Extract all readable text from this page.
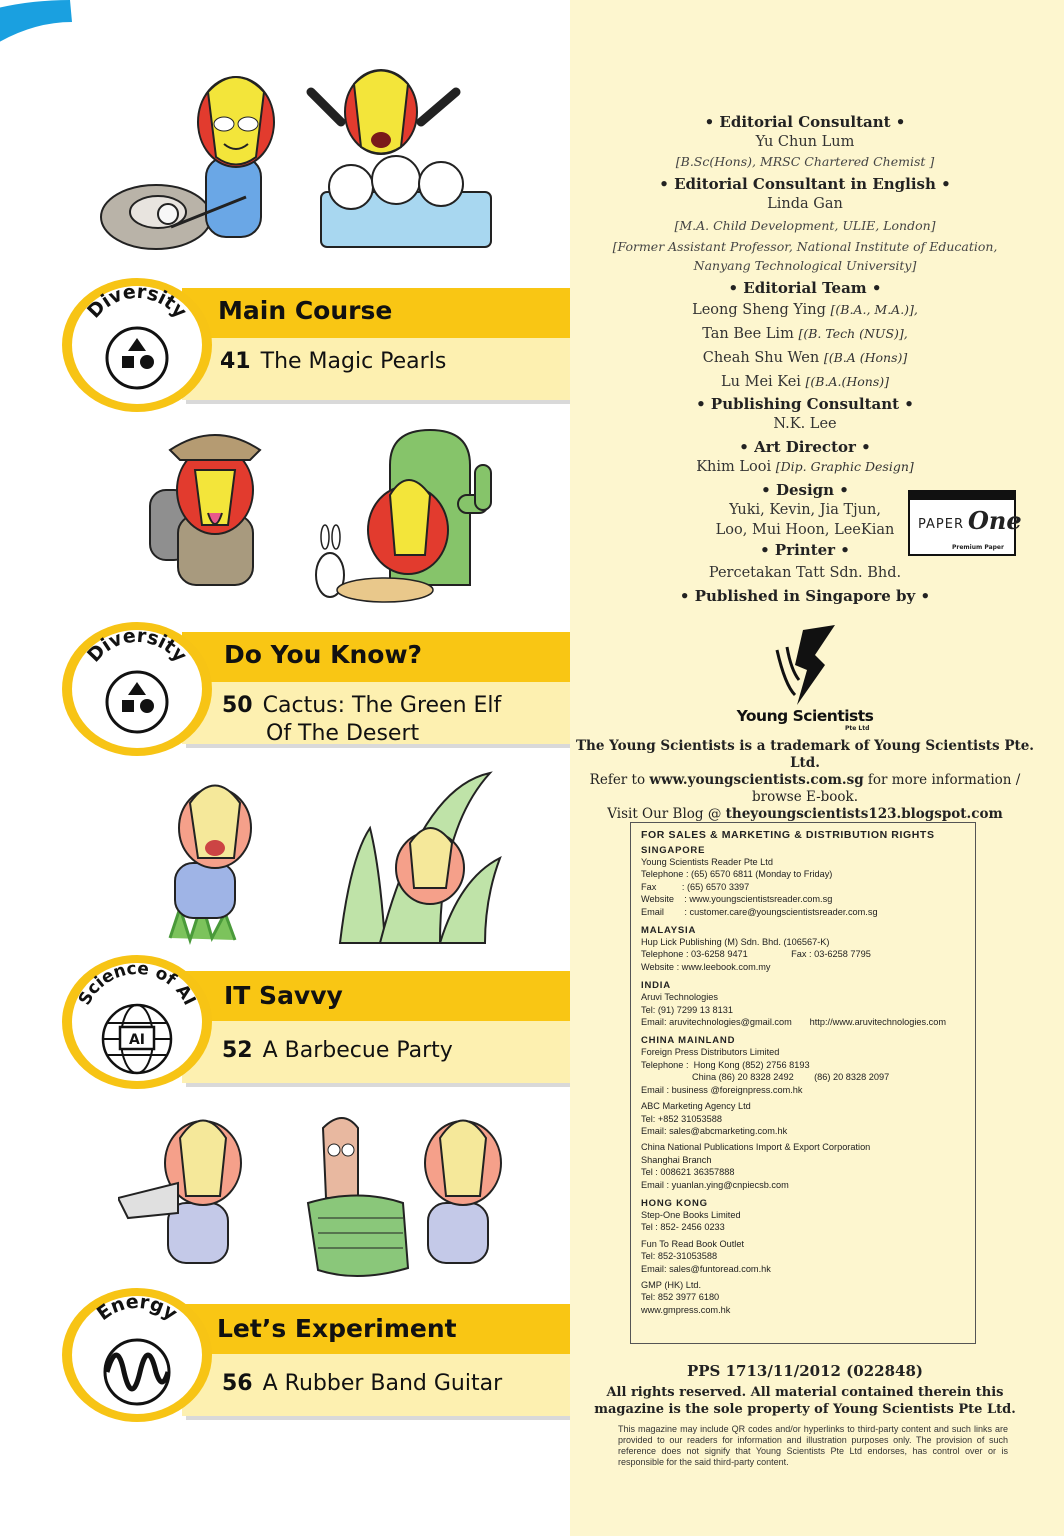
Diversity Main Course
41 The Magic Pearls
Diversity Do You Know?
50 Cactus: The Green Elf
Of The Desert
Science of AI
AI
IT Savvy
52 A Barbecue Party
Energy
Let’s Experiment
56 A Rubber Band Guitar
• Editorial Consultant •
Yu Chun Lum
[B.Sc(Hons), MRSC Chartered Chemist ]
• Editorial Consultant in English •
Linda Gan
[M.A. Child Development, ULIE, London]
[Former Assistant Professor, National Institute of Education,
Nanyang Technological University]
• Editorial Team •
Leong Sheng Ying [(B.A., M.A.)],
Tan Bee Lim [(B. Tech (NUS)],
Cheah Shu Wen [(B.A (Hons)]
Lu Mei Kei [(B.A.(Hons)]
• Publishing Consultant •
N.K. Lee
• Art Director •
Khim Looi [Dip. Graphic Design]
• Design •
Yuki, Kevin, Jia Tjun,
Loo, Mui Hoon, LeeKian
• Printer •
Percetakan Tatt Sdn. Bhd.
• Published in Singapore by •
PAPER One
Premium Paper
Young Scientists
Pte Ltd
The Young Scientists is a trademark of Young Scientists Pte. Ltd.
Refer to www.youngscientists.com.sg for more information /
browse E-book.
Visit Our Blog @ theyoungscientists123.blogspot.com
FOR SALES & MARKETING & DISTRIBUTION RIGHTS
SINGAPORE
Young Scientists Reader Pte Ltd
Telephone : (65) 6570 6811 (Monday to Friday)
Fax          : (65) 6570 3397
Website    : www.youngscientistsreader.com.sg
Email        : customer.care@youngscientistsreader.com.sg
MALAYSIA
Hup Lick Publishing (M) Sdn. Bhd. (106567-K)
Telephone : 03-6258 9471                 Fax : 03-6258 7795
Website : www.leebook.com.my
INDIA
Aruvi Technologies
Tel: (91) 7299 13 8131
Email: aruvitechnologies@gmail.com       http://www.aruvitechnologies.com
CHINA MAINLAND
Foreign Press Distributors Limited
Telephone :  Hong Kong (852) 2756 8193
China (86) 20 8328 2492        (86) 20 8328 2097
Email : business @foreignpress.com.hk
ABC Marketing Agency Ltd
Tel: +852 31053588
Email: sales@abcmarketing.com.hk
China National Publications Import & Export Corporation
Shanghai Branch
Tel : 008621 36357888
Email : yuanlan.ying@cnpiecsb.com
HONG KONG
Step-One Books Limited
Tel : 852- 2456 0233
Fun To Read Book Outlet
Tel: 852-31053588
Email: sales@funtoread.com.hk
GMP (HK) Ltd.
Tel: 852 3977 6180
www.gmpress.com.hk
PPS 1713/11/2012 (022848)
All rights reserved. All material contained therein this
magazine is the sole property of Young Scientists Pte Ltd.
This magazine may include QR codes and/or hyperlinks to third-party content and such links are provided to our readers for information and illustration purposes only. The provision of such reference does not signify that Young Scientists Pte Ltd endorses, has control over or is responsible for the said third-party content.
